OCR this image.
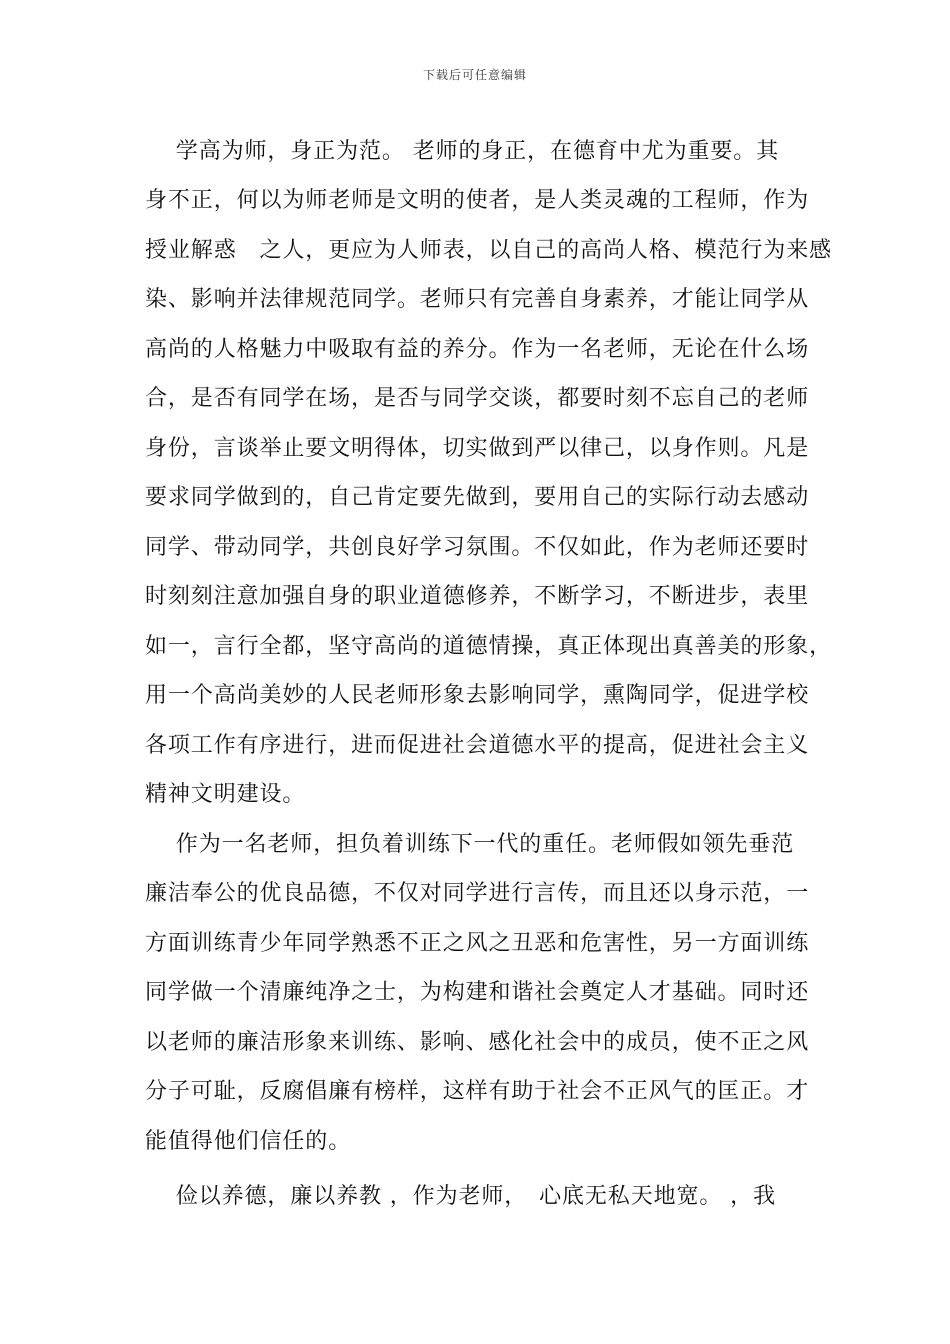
下载后可任意编辑
　 学高为师，身正为范。 老师的身正，在德育中尤为重要。其
身不正，何以为师老师是文明的使者，是人类灵魂的工程师，作为
授业解惑　之人，更应为人师表，以自己的高尚人格、模范行为来感
染、影响并法律规范同学。老师只有完善自身素养，才能让同学从
高尚的人格魅力中吸取有益的养分。作为一名老师，无论在什么场
合，是否有同学在场，是否与同学交谈，都要时刻不忘自己的老师
身份，言谈举止要文明得体，切实做到严以律己，以身作则。凡是
要求同学做到的，自己肯定要先做到，要用自己的实际行动去感动
同学、带动同学，共创良好学习氛围。不仅如此，作为老师还要时
时刻刻注意加强自身的职业道德修养，不断学习，不断进步，表里
如一，言行全都，坚守高尚的道德情操，真正体现出真善美的形象，
用一个高尚美妙的人民老师形象去影响同学，熏陶同学，促进学校
各项工作有序进行，进而促进社会道德水平的提高，促进社会主义
精神文明建设。
　 作为一名老师，担负着训练下一代的重任。老师假如领先垂范
廉洁奉公的优良品德，不仅对同学进行言传，而且还以身示范，一
方面训练青少年同学熟悉不正之风之丑恶和危害性，另一方面训练
同学做一个清廉纯净之士，为构建和谐社会奠定人才基础。同时还
以老师的廉洁形象来训练、影响、感化社会中的成员，使不正之风
分子可耻，反腐倡廉有榜样，这样有助于社会不正风气的匡正。才
能值得他们信任的。
　 俭以养德，廉以养教 ，作为老师，　心底无私天地宽。 ，我
